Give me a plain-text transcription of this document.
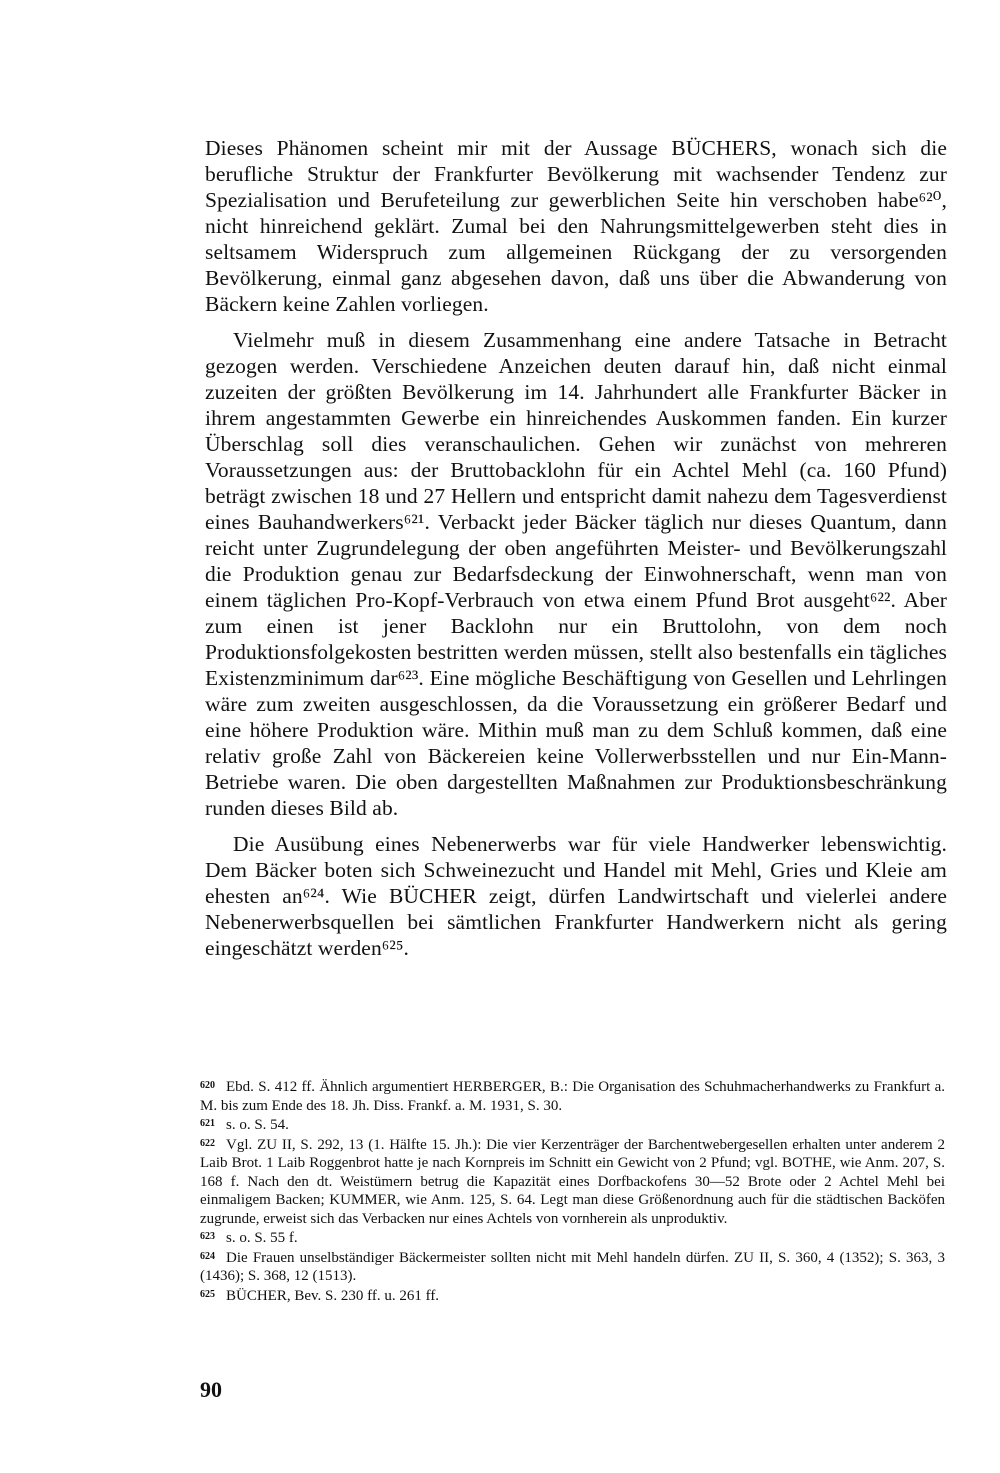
Dieses Phänomen scheint mir mit der Aussage BÜCHERS, wonach sich die berufliche Struktur der Frankfurter Bevölkerung mit wachsender Tendenz zur Spezialisation und Berufeteilung zur gewerblichen Seite hin verschoben habe⁶²⁰, nicht hinreichend geklärt. Zumal bei den Nahrungsmittelgewerben steht dies in seltsamem Widerspruch zum allgemeinen Rückgang der zu versorgenden Bevölkerung, einmal ganz abgesehen davon, daß uns über die Abwanderung von Bäckern keine Zahlen vorliegen.

Vielmehr muß in diesem Zusammenhang eine andere Tatsache in Betracht gezogen werden. Verschiedene Anzeichen deuten darauf hin, daß nicht einmal zuzeiten der größten Bevölkerung im 14. Jahrhundert alle Frankfurter Bäcker in ihrem angestammten Gewerbe ein hinreichendes Auskommen fanden. Ein kurzer Überschlag soll dies veranschaulichen. Gehen wir zunächst von mehreren Voraussetzungen aus: der Bruttobacklohn für ein Achtel Mehl (ca. 160 Pfund) beträgt zwischen 18 und 27 Hellern und entspricht damit nahezu dem Tagesverdienst eines Bauhandwerkers⁶²¹. Verbackt jeder Bäcker täglich nur dieses Quantum, dann reicht unter Zugrundelegung der oben angeführten Meister- und Bevölkerungszahl die Produktion genau zur Bedarfsdeckung der Einwohnerschaft, wenn man von einem täglichen Pro-Kopf-Verbrauch von etwa einem Pfund Brot ausgeht⁶²². Aber zum einen ist jener Backlohn nur ein Bruttolohn, von dem noch Produktionsfolgekosten bestritten werden müssen, stellt also bestenfalls ein tägliches Existenzminimum dar⁶²³. Eine mögliche Beschäftigung von Gesellen und Lehrlingen wäre zum zweiten ausgeschlossen, da die Voraussetzung ein größerer Bedarf und eine höhere Produktion wäre. Mithin muß man zu dem Schluß kommen, daß eine relativ große Zahl von Bäckereien keine Vollerwerbsstellen und nur Ein-Mann-Betriebe waren. Die oben dargestellten Maßnahmen zur Produktionsbeschränkung runden dieses Bild ab.

Die Ausübung eines Nebenerwerbs war für viele Handwerker lebenswichtig. Dem Bäcker boten sich Schweinezucht und Handel mit Mehl, Gries und Kleie am ehesten an⁶²⁴. Wie BÜCHER zeigt, dürfen Landwirtschaft und vielerlei andere Nebenerwerbsquellen bei sämtlichen Frankfurter Handwerkern nicht als gering eingeschätzt werden⁶²⁵.

620 Ebd. S. 412 ff. Ähnlich argumentiert HERBERGER, B.: Die Organisation des Schuhmacherhandwerks zu Frankfurt a. M. bis zum Ende des 18. Jh. Diss. Frankf. a. M. 1931, S. 30.

621 s. o. S. 54.

622 Vgl. ZU II, S. 292, 13 (1. Hälfte 15. Jh.): Die vier Kerzenträger der Barchentwebergesellen erhalten unter anderem 2 Laib Brot. 1 Laib Roggenbrot hatte je nach Kornpreis im Schnitt ein Gewicht von 2 Pfund; vgl. BOTHE, wie Anm. 207, S. 168 f. Nach den dt. Weistümern betrug die Kapazität eines Dorfbackofens 30—52 Brote oder 2 Achtel Mehl bei einmaligem Backen; KUMMER, wie Anm. 125, S. 64. Legt man diese Größenordnung auch für die städtischen Backöfen zugrunde, erweist sich das Verbacken nur eines Achtels von vornherein als unproduktiv.

623 s. o. S. 55 f.

624 Die Frauen unselbständiger Bäckermeister sollten nicht mit Mehl handeln dürfen. ZU II, S. 360, 4 (1352); S. 363, 3 (1436); S. 368, 12 (1513).

625 BÜCHER, Bev. S. 230 ff. u. 261 ff.

90
